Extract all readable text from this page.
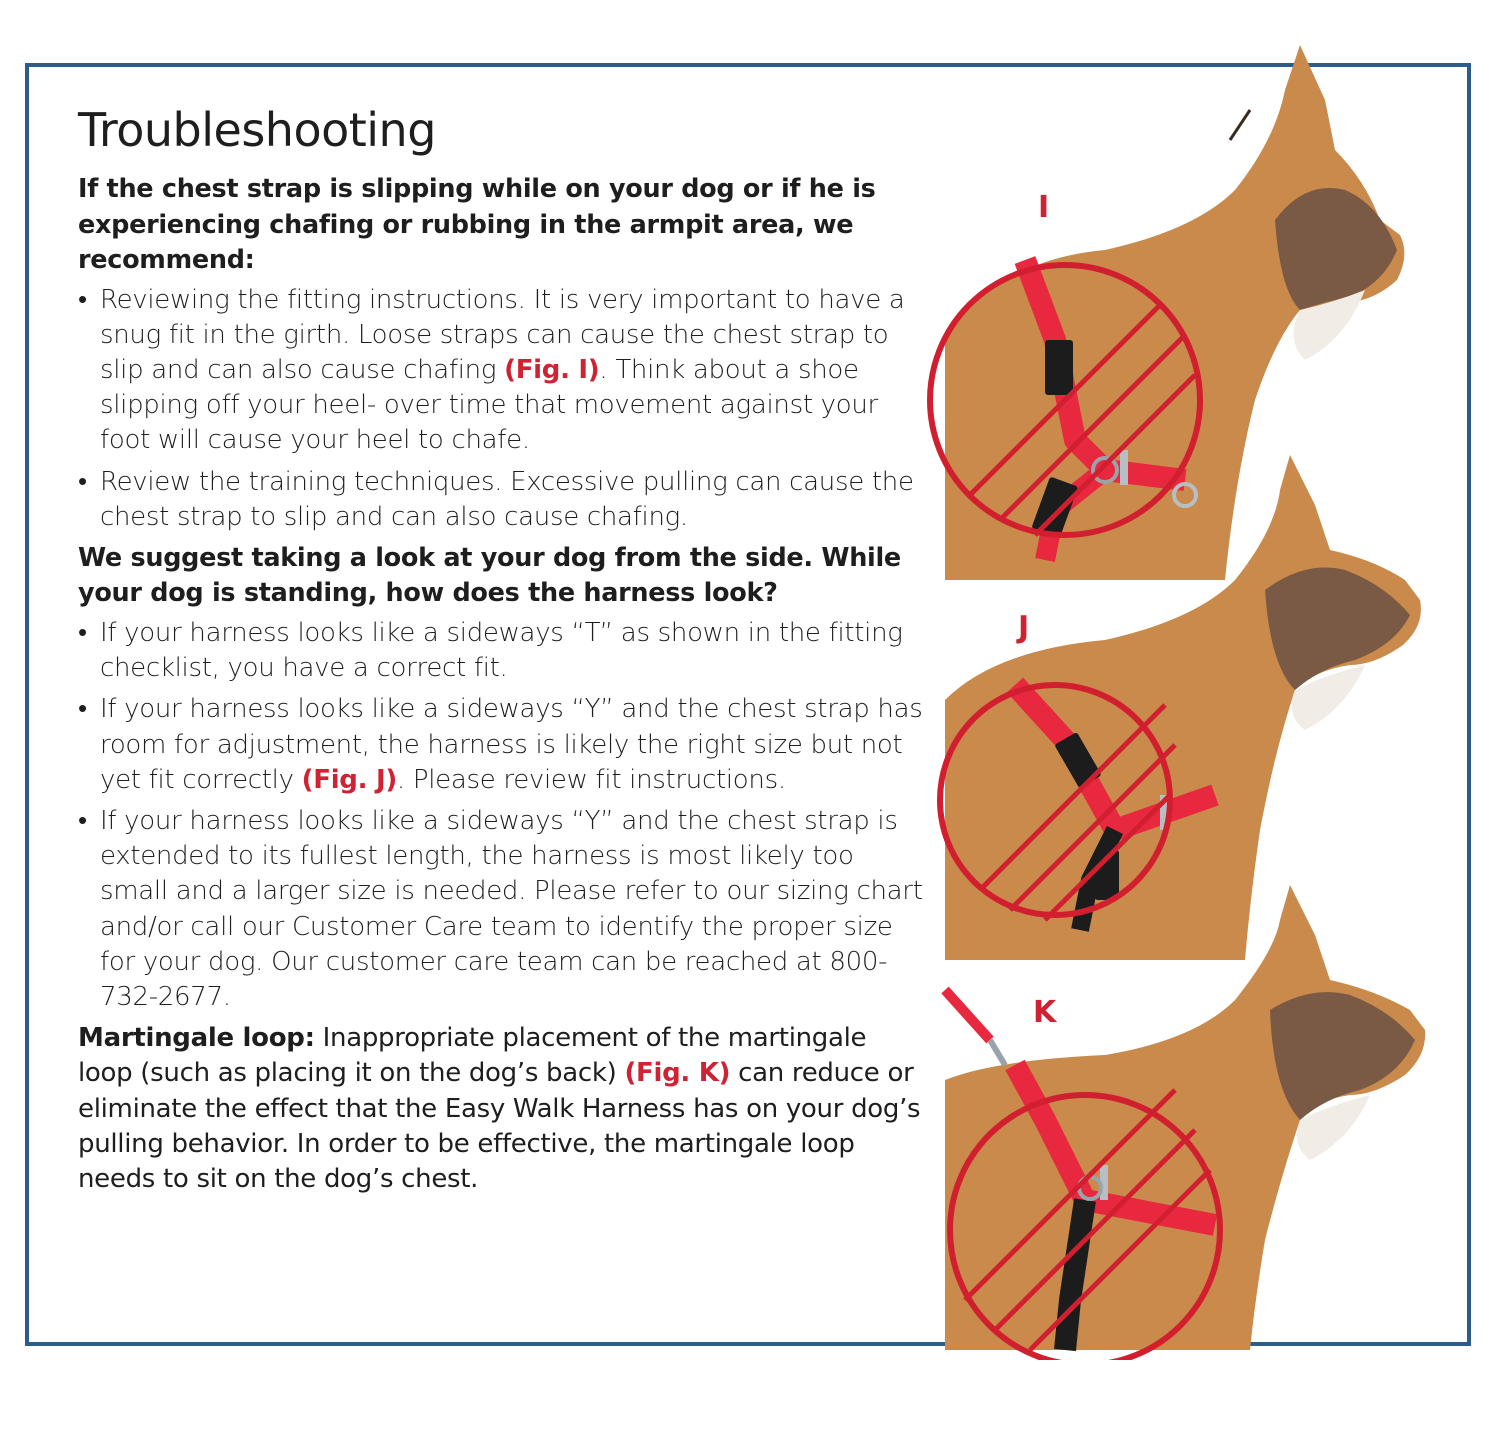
Troubleshooting

If the chest strap is slipping while on your dog or if he is experiencing chafing or rubbing in the armpit area, we recommend:

• Reviewing the fitting instructions. It is very important to have a snug fit in the girth. Loose straps can cause the chest strap to slip and can also cause chafing (Fig. I). Think about a shoe slipping off your heel- over time that movement against your foot will cause your heel to chafe.
• Review the training techniques. Excessive pulling can cause the chest strap to slip and can also cause chafing.

We suggest taking a look at your dog from the side. While your dog is standing, how does the harness look?

• If your harness looks like a sideways “T” as shown in the fitting checklist, you have a correct fit.
• If your harness looks like a sideways “Y” and the chest strap has room for adjustment, the harness is likely the right size but not yet fit correctly (Fig. J). Please review fit instructions.
• If your harness looks like a sideways “Y” and the chest strap is extended to its fullest length, the harness is most likely too small and a larger size is needed. Please refer to our sizing chart and/or call our Customer Care team to identify the proper size for your dog. Our customer care team can be reached at 800-732-2677.

Martingale loop: Inappropriate placement of the martingale loop (such as placing it on the dog’s back) (Fig. K) can reduce or eliminate the effect that the Easy Walk Harness has on your dog’s pulling behavior. In order to be effective, the martingale loop needs to sit on the dog’s chest.

I
J
K
